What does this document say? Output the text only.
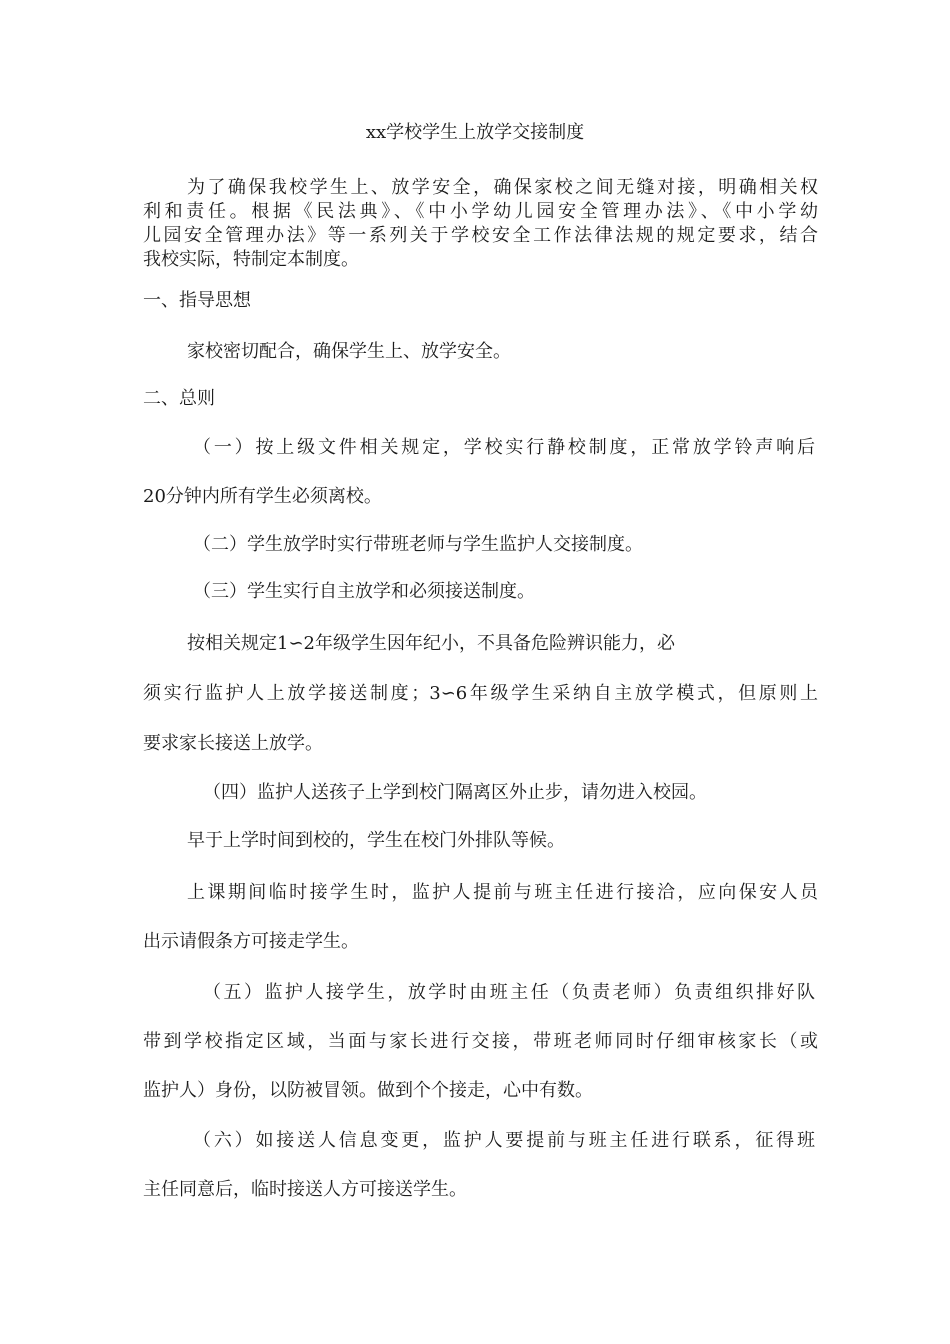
xx学校学生上放学交接制度

为了确保我校学生上、放学安全，确保家校之间无缝对接，明确相关权

利和责任。根据《民法典》、《中小学幼儿园安全管理办法》、《中小学幼

儿园安全管理办法》等一系列关于学校安全工作法律法规的规定要求，结合

我校实际，特制定本制度。

一、指导思想

家校密切配合，确保学生上、放学安全。

二、总则

（一）按上级文件相关规定，学校实行静校制度，正常放学铃声响后

20分钟内所有学生必须离校。

（二）学生放学时实行带班老师与学生监护人交接制度。

（三）学生实行自主放学和必须接送制度。

按相关规定1∽2年级学生因年纪小，不具备危险辨识能力，必

须实行监护人上放学接送制度；3∽6年级学生采纳自主放学模式，但原则上

要求家长接送上放学。

（四）监护人送孩子上学到校门隔离区外止步，请勿进入校园。

早于上学时间到校的，学生在校门外排队等候。

上课期间临时接学生时，监护人提前与班主任进行接洽，应向保安人员

出示请假条方可接走学生。

（五）监护人接学生，放学时由班主任（负责老师）负责组织排好队

带到学校指定区域，当面与家长进行交接，带班老师同时仔细审核家长（或

监护人）身份，以防被冒领。做到个个接走，心中有数。

（六）如接送人信息变更，监护人要提前与班主任进行联系，征得班

主任同意后，临时接送人方可接送学生。
